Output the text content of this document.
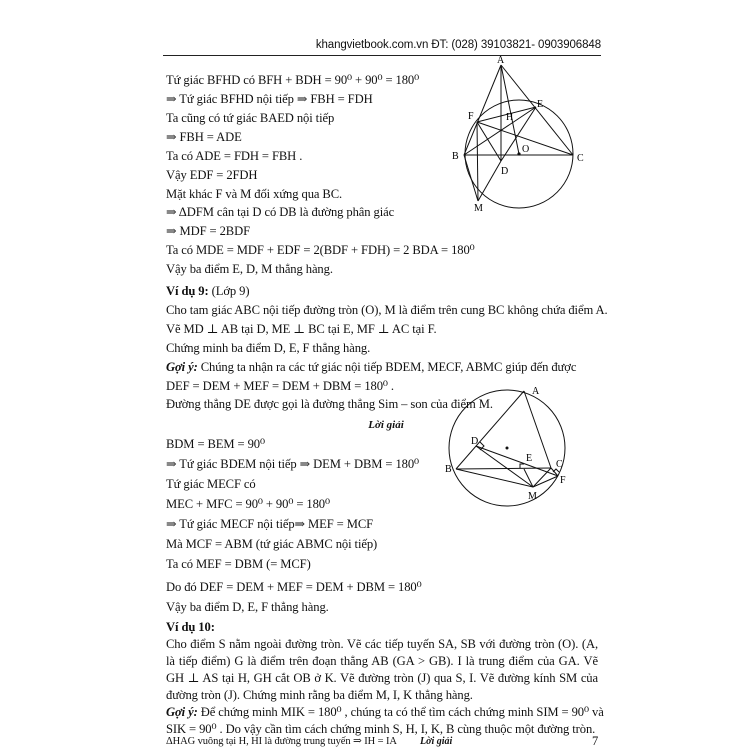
khangvietbook.com.vn ĐT: (028) 39103821- 0903906848
Tứ giác BFHD có BFH + BDH = 90⁰ + 90⁰ = 180⁰
⇒ Tứ giác BFHD nội tiếp ⇒ FBH = FDH
Ta cũng có tứ giác BAED nội tiếp
⇒ FBH = ADE
Ta có ADE = FDH = FBH .
Vậy EDF = 2FDH
Mặt khác F và M đối xứng qua BC.
⇒ ΔDFM cân tại D có DB là đường phân giác
⇒ MDF = 2BDF
Ta có MDE = MDF + EDF = 2(BDF + FDH) = 2 BDA = 180⁰
Vậy ba điểm E, D, M thẳng hàng.
A
E
F	H
B
O
C
D
M
Ví dụ 9: (Lớp 9)
Cho tam giác ABC nội tiếp đường tròn (O), M là điểm trên cung BC không chứa điểm A.
Vẽ MD ⊥ AB tại D, ME ⊥ BC tại E, MF ⊥ AC tại F.
Chứng minh ba điểm D, E, F thẳng hàng.
Gợi ý: Chúng ta nhận ra các tứ giác nội tiếp BDEM, MECF, ABMC giúp đến được
DEF = DEM + MEF = DEM + DBM = 180⁰ .
Đường thẳng DE được gọi là đường thẳng Sim – son của điểm M.
Lời giải
BDM = BEM = 90⁰
⇒ Tứ giác BDEM nội tiếp ⇒ DEM + DBM = 180⁰
Tứ giác MECF có
MEC + MFC = 90⁰ + 90⁰ = 180⁰
⇒ Tứ giác MECF nội tiếp⇒ MEF = MCF
Mà MCF = ABM (tứ giác ABMC nội tiếp)
Ta có MEF = DBM (= MCF)
Do đó DEF = DEM + MEF = DEM + DBM = 180⁰
Vậy ba điểm D, E, F thẳng hàng.
A
D
B
E
C
F
M
Ví dụ 10:
Cho điểm S nằm ngoài đường tròn. Vẽ các tiếp tuyến SA, SB với đường tròn (O). (A,
là tiếp điểm) G là điểm trên đoạn thẳng AB (GA > GB). I là trung điểm của GA. Vẽ
GH ⊥ AS tại H, GH cắt OB ở K. Vẽ đường tròn (J) qua S, I. Vẽ đường kính SM của
đường tròn (J). Chứng minh rằng ba điểm M, I, K thẳng hàng.
Gợi ý: Để chứng minh MIK = 180⁰ , chúng ta có thể tìm cách chứng minh SIM = 90⁰ và
SIK = 90⁰ . Do vậy cần tìm cách chứng minh S, H, I, K, B cùng thuộc một đường tròn.
Lời giải
ΔHAG vuông tại H, HI là đường trung tuyến ⇒ IH = IA	7
